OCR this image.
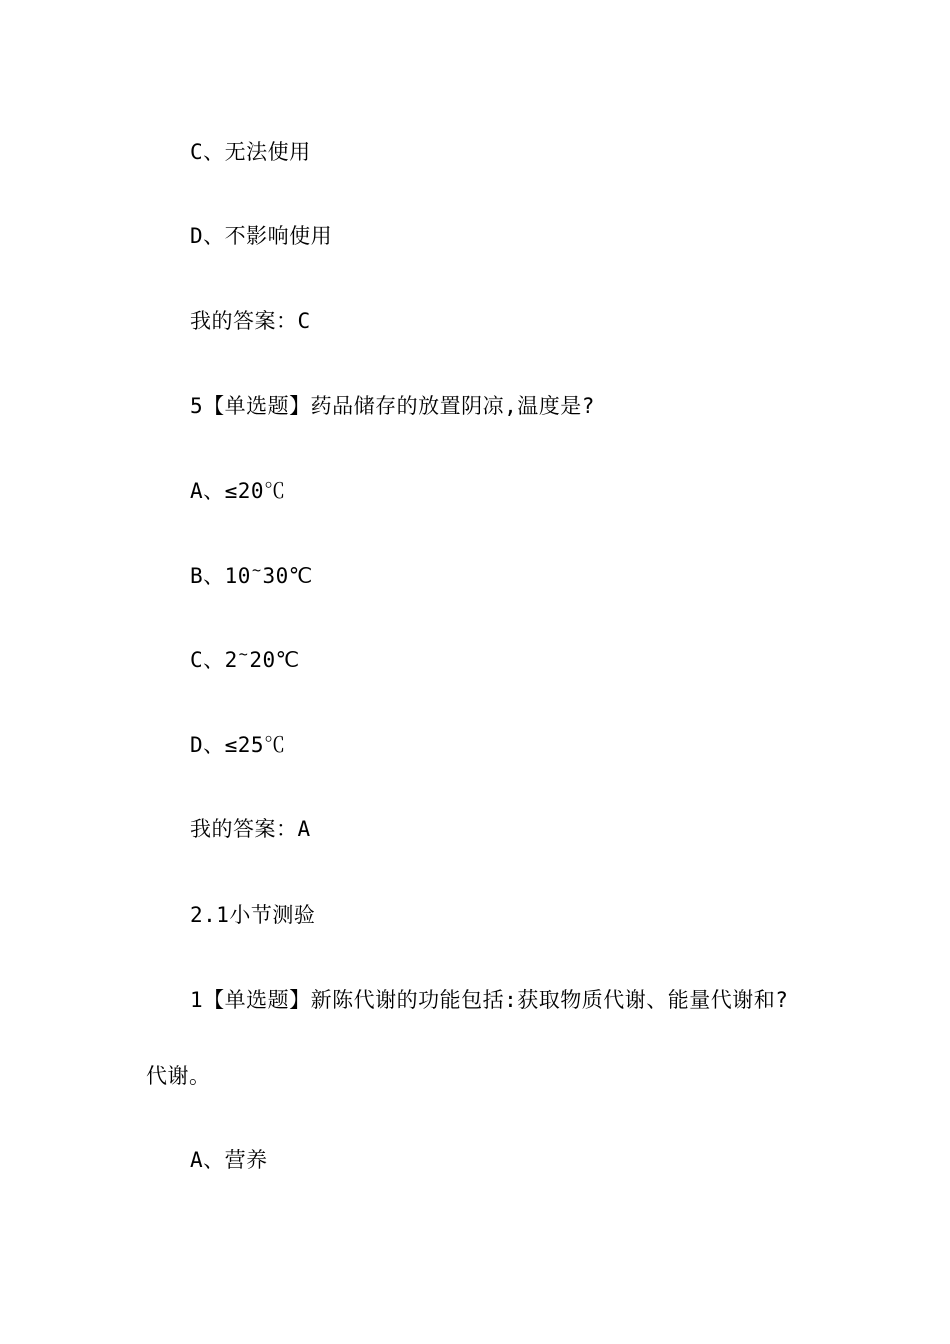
C、无法使用
D、不影响使用
我的答案：C
5【单选题】药品储存的放置阴凉,温度是?
A、≤20℃
B、10~30℃
C、2~20℃
D、≤25℃
我的答案：A
2.1小节测验
1【单选题】新陈代谢的功能包括:获取物质代谢、能量代谢和?
代谢。
A、营养
